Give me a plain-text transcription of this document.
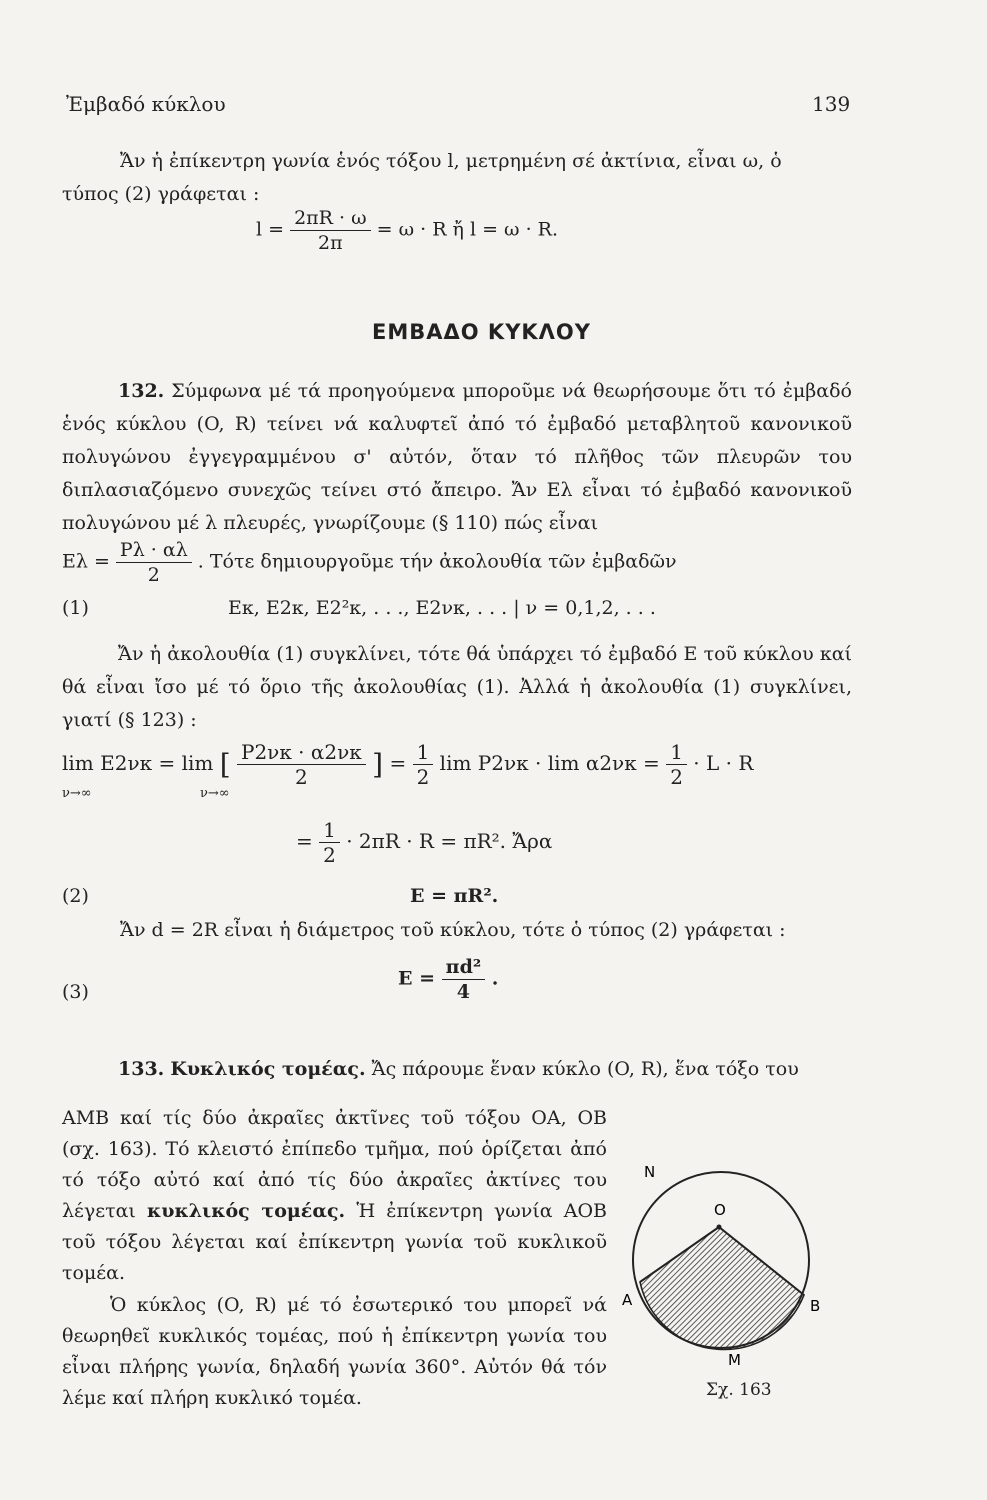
Ἐμβαδό κύκλου	139
Ἄν ἡ ἐπίκεντρη γωνία ἑνός τόξου l, μετρημένη σέ ἀκτίνια, εἶναι ω, ὁ
τύπος (2) γράφεται :
$l = \frac{2\pi R \cdot \omega}{2\pi} = \omega \cdot R$ ἤ l = ω · R.
ΕΜΒΑΔΟ ΚΥΚΛΟΥ
132. Σύμφωνα μέ τά προηγούμενα μποροῦμε νά θεωρήσουμε ὅτι τό ἐμβαδό ἑνός κύκλου (O, R) τείνει νά καλυφτεῖ ἀπό τό ἐμβαδό μεταβλητοῦ κανονικοῦ πολυγώνου ἐγγεγραμμένου σ' αὐτόν, ὅταν τό πλῆθος τῶν πλευρῶν του διπλασιαζόμενο συνεχῶς τείνει στό ἄπειρο. Ἄν Eλ εἶναι τό ἐμβαδό κανονικοῦ πολυγώνου μέ λ πλευρές, γνωρίζουμε (§ 110) πώς εἶναι
$E\lambda = \frac{P\lambda \cdot \alpha\lambda}{2}$ . Τότε δημιουργοῦμε τήν ἀκολουθία τῶν ἐμβαδῶν
(1)	Eκ, E2κ, E2²κ, . . ., E2νκ, . . . | ν = 0,1,2, . . .
Ἄν ἡ ἀκολουθία (1) συγκλίνει, τότε θά ὑπάρχει τό ἐμβαδό E τοῦ κύκλου καί θά εἶναι ἴσο μέ τό ὅριο τῆς ἀκολουθίας (1). Ἀλλά ἡ ἀκολουθία (1) συγκλίνει, γιατί (§ 123) :
lim E2νκ = lim [ $\frac{P2\nu\kappa \cdot \alpha 2\nu\kappa}{2}$ ] = $\frac{1}{2}$ $\lim P2\nu\kappa \cdot \lim \alpha 2\nu\kappa = \frac{1}{2} \cdot L \cdot R$
ν→∞	ν→∞
= $\frac{1}{2} \cdot 2\pi R \cdot R = \pi R^2$. Ἄρα
(2)	E = πR².
Ἄν d = 2R εἶναι ἡ διάμετρος τοῦ κύκλου, τότε ὁ τύπος (2) γράφεται :
(3)
$E = \frac{\text{πd²}}{4}$ .
133. Κυκλικός τομέας. Ἄς πάρουμε ἕναν κύκλο (O, R), ἕνα τόξο του
AMB καί τίς δύο ἀκραῖες ἀκτῖνες τοῦ τόξου OA, OB (σχ. 163). Τό κλειστό ἐπίπεδο τμῆμα, πού ὁρίζεται ἀπό τό τόξο αὐτό καί ἀπό τίς δύο ἀκραῖες ἀκτίνες του λέγεται κυκλικός τομέας. Ἡ ἐπίκεντρη γωνία AOB τοῦ τόξου λέγεται καί ἐπίκεντρη γωνία τοῦ κυκλικοῦ τομέα.
Ὁ κύκλος (O, R) μέ τό ἐσωτερικό του μπορεῖ νά θεωρηθεῖ κυκλικός τομέας, πού ἡ ἐπίκεντρη γωνία του εἶναι πλήρης γωνία, δηλαδή γωνία 360°. Αὐτόν θά τόν λέμε καί πλήρη κυκλικό τομέα.
N
O
A	B
M
Σχ. 163
